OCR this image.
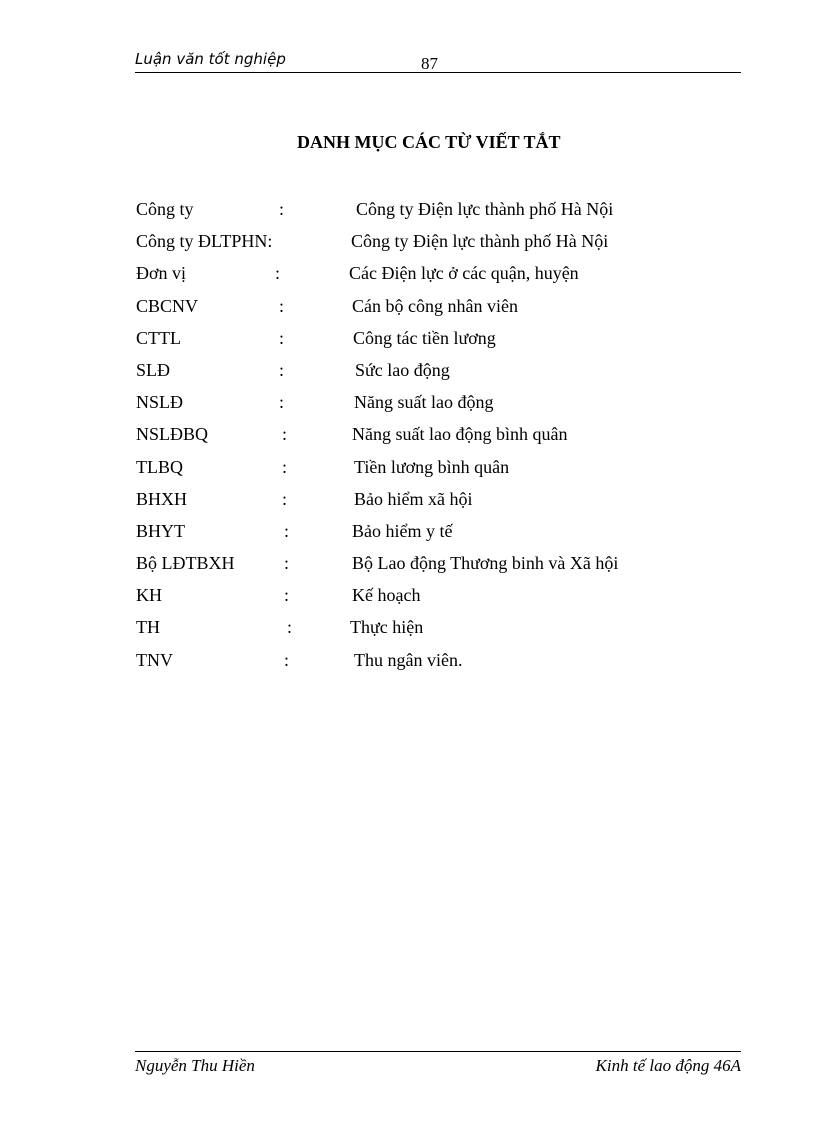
Luận văn tốt nghiệp	87
DANH MỤC CÁC TỪ VIẾT TẮT
Công ty	:	Công ty Điện lực thành phố Hà Nội
Công ty ĐLTPHN:	Công ty Điện lực thành phố Hà Nội
Đơn vị	:	Các Điện lực ở các quận, huyện
CBCNV	:	Cán bộ công nhân viên
CTTL	:	Công tác tiền lương
SLĐ	:	Sức lao động
NSLĐ	:	Năng suất lao động
NSLĐBQ	:	Năng suất lao động bình quân
TLBQ	:	Tiền lương bình quân
BHXH	:	Bảo hiểm xã hội
BHYT	:	Bảo hiểm y tế
Bộ LĐTBXH	:	Bộ Lao động Thương binh và Xã hội
KH	:	Kế hoạch
TH	:	Thực hiện
TNV	:	Thu ngân viên.
Nguyễn Thu Hiền	Kinh tế lao động 46A
